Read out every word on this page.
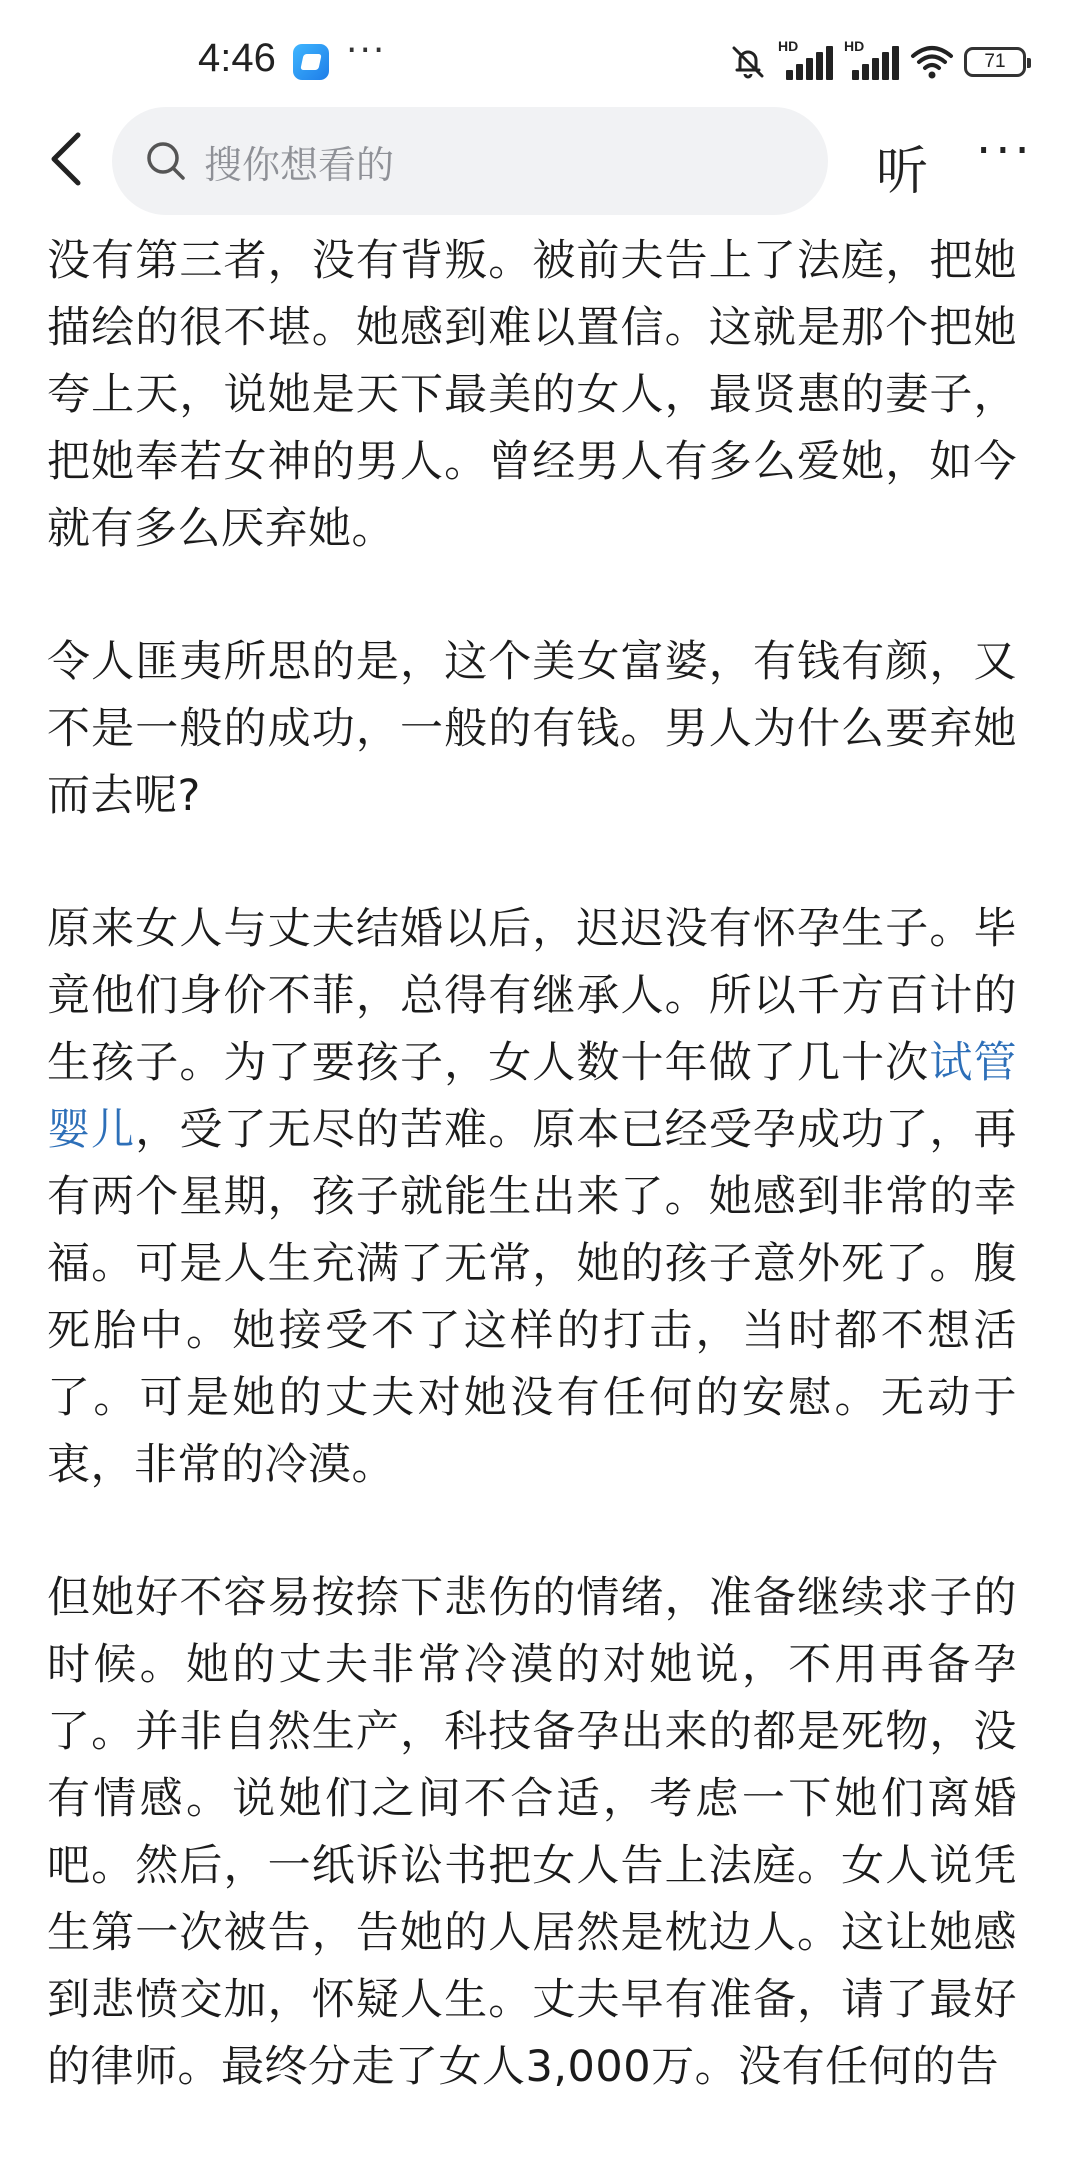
4:46 ···	HD	HD
71
搜你想看的	听 ···

没有第三者，没有背叛。被前夫告上了法庭，把她描绘的很不堪。她感到难以置信。这就是那个把她夸上天，说她是天下最美的女人，最贤惠的妻子，把她奉若女神的男人。曾经男人有多么爱她，如今就有多么厌弃她。

令人匪夷所思的是，这个美女富婆，有钱有颜，又不是一般的成功，一般的有钱。男人为什么要弃她而去呢?

原来女人与丈夫结婚以后，迟迟没有怀孕生子。毕竟他们身价不菲，总得有继承人。所以千方百计的生孩子。为了要孩子，女人数十年做了几十次试管婴儿，受了无尽的苦难。原本已经受孕成功了，再有两个星期，孩子就能生出来了。她感到非常的幸福。可是人生充满了无常，她的孩子意外死了。腹死胎中。她接受不了这样的打击，当时都不想活了。可是她的丈夫对她没有任何的安慰。无动于衷，非常的冷漠。

但她好不容易按捺下悲伤的情绪，准备继续求子的时候。她的丈夫非常冷漠的对她说，不用再备孕了。并非自然生产，科技备孕出来的都是死物，没有情感。说她们之间不合适，考虑一下她们离婚吧。然后，一纸诉讼书把女人告上法庭。女人说凭生第一次被告，告她的人居然是枕边人。这让她感到悲愤交加，怀疑人生。丈夫早有准备，请了最好的律师。最终分走了女人3,000万。没有任何的告
